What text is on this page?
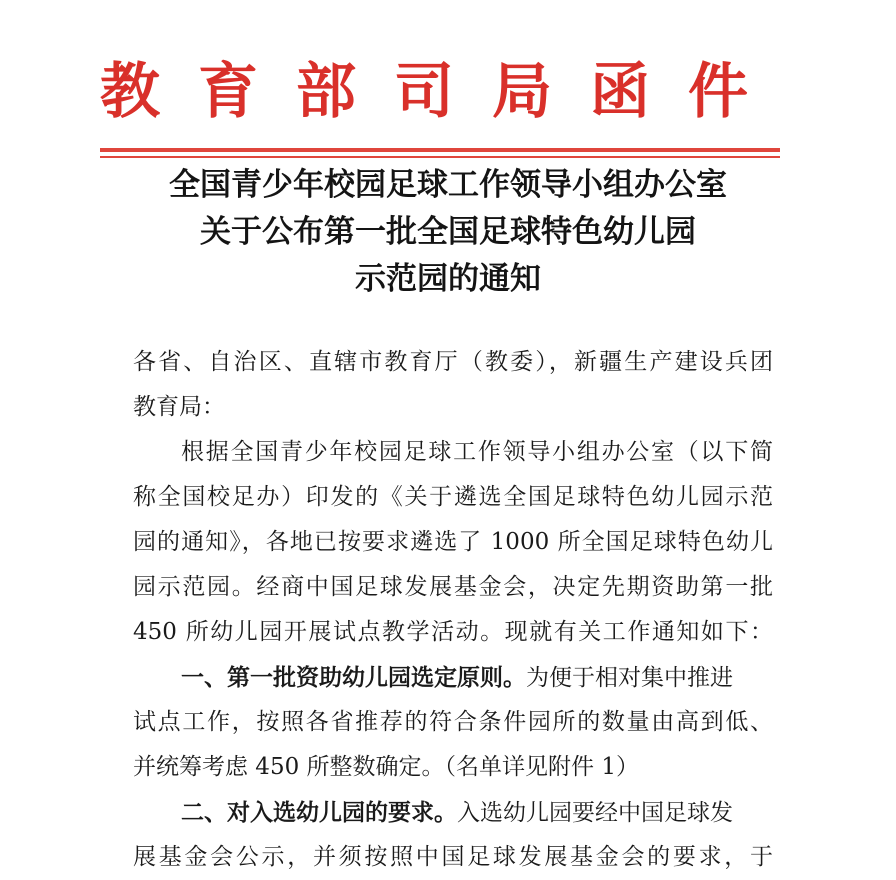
教育部司局函件
全国青少年校园足球工作领导小组办公室
关于公布第一批全国足球特色幼儿园
示范园的通知
各省、自治区、直辖市教育厅（教委），新疆生产建设兵团
教育局：
根据全国青少年校园足球工作领导小组办公室（以下简
称全国校足办）印发的《关于遴选全国足球特色幼儿园示范
园的通知》，各地已按要求遴选了 1000 所全国足球特色幼儿
园示范园。经商中国足球发展基金会，决定先期资助第一批
450 所幼儿园开展试点教学活动。现就有关工作通知如下：
一、第一批资助幼儿园选定原则。为便于相对集中推进
试点工作，按照各省推荐的符合条件园所的数量由高到低、
并统筹考虑 450 所整数确定。（名单详见附件 1）
二、对入选幼儿园的要求。入选幼儿园要经中国足球发
展基金会公示，并须按照中国足球发展基金会的要求，于
